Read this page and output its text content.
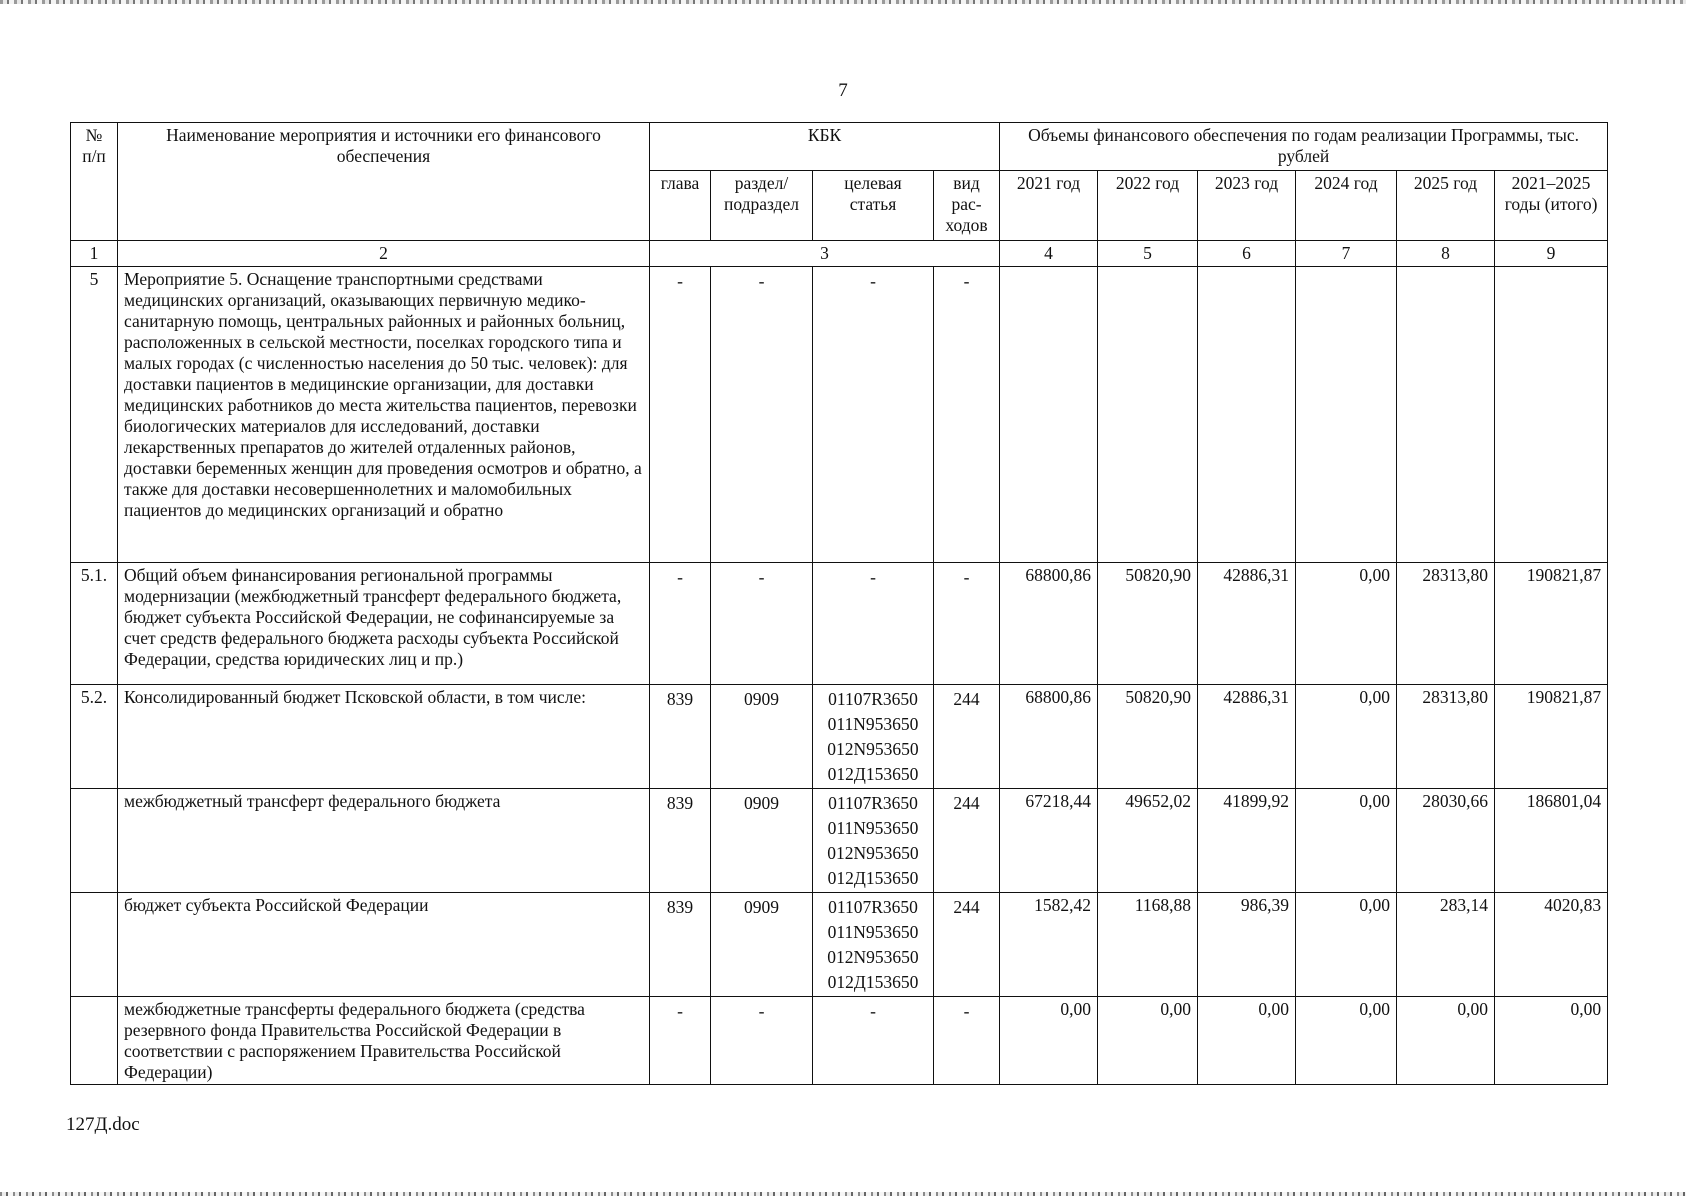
7
№
п/п	Наименование мероприятия и источники его финансового обеспечения	КБК				Объемы финансового обеспечения по годам реализации Программы, тыс. рублей					
		глава	раздел/ подраздел	целевая статья	вид рас-ходов	2021 год	2022 год	2023 год	2024 год	2025 год	2021–2025 годы (итого)
1	2	3				4	5	6	7	8	9
5	Мероприятие 5. Оснащение транспортными средствами медицинских организаций, оказывающих первичную медико-санитарную помощь, центральных районных и районных больниц, расположенных в сельской местности, поселках городского типа и малых городах (с численностью населения до 50 тыс. человек): для доставки пациентов в медицинские организации, для доставки медицинских работников до места жительства пациентов, перевозки биологических материалов для исследований, доставки лекарственных препаратов до жителей отдаленных районов, доставки беременных женщин для проведения осмотров и обратно, а также для доставки несовершеннолетних и маломобильных пациентов до медицинских организаций и обратно	-	-	-	-						
5.1.	Общий объем финансирования региональной программы модернизации (межбюджетный трансферт федерального бюджета, бюджет субъекта Российской Федерации, не софинансируемые за счет средств федерального бюджета расходы субъекта Российской Федерации, средства юридических лиц и пр.)	-	-	-	-	68800,86	50820,90	42886,31	0,00	28313,80	190821,87
5.2.	Консолидированный бюджет Псковской области, в том числе:	839	0909	01107R3650
011N953650
012N953650
012Д153650	244	68800,86	50820,90	42886,31	0,00	28313,80	190821,87
	межбюджетный трансферт федерального бюджета	839	0909	01107R3650
011N953650
012N953650
012Д153650	244	67218,44	49652,02	41899,92	0,00	28030,66	186801,04
	бюджет субъекта Российской Федерации	839	0909	01107R3650
011N953650
012N953650
012Д153650	244	1582,42	1168,88	986,39	0,00	283,14	4020,83
	межбюджетные трансферты федерального бюджета (средства резервного фонда Правительства Российской Федерации в соответствии с распоряжением Правительства Российской Федерации)	-	-	-	-	0,00	0,00	0,00	0,00	0,00	0,00
127Д.doc
